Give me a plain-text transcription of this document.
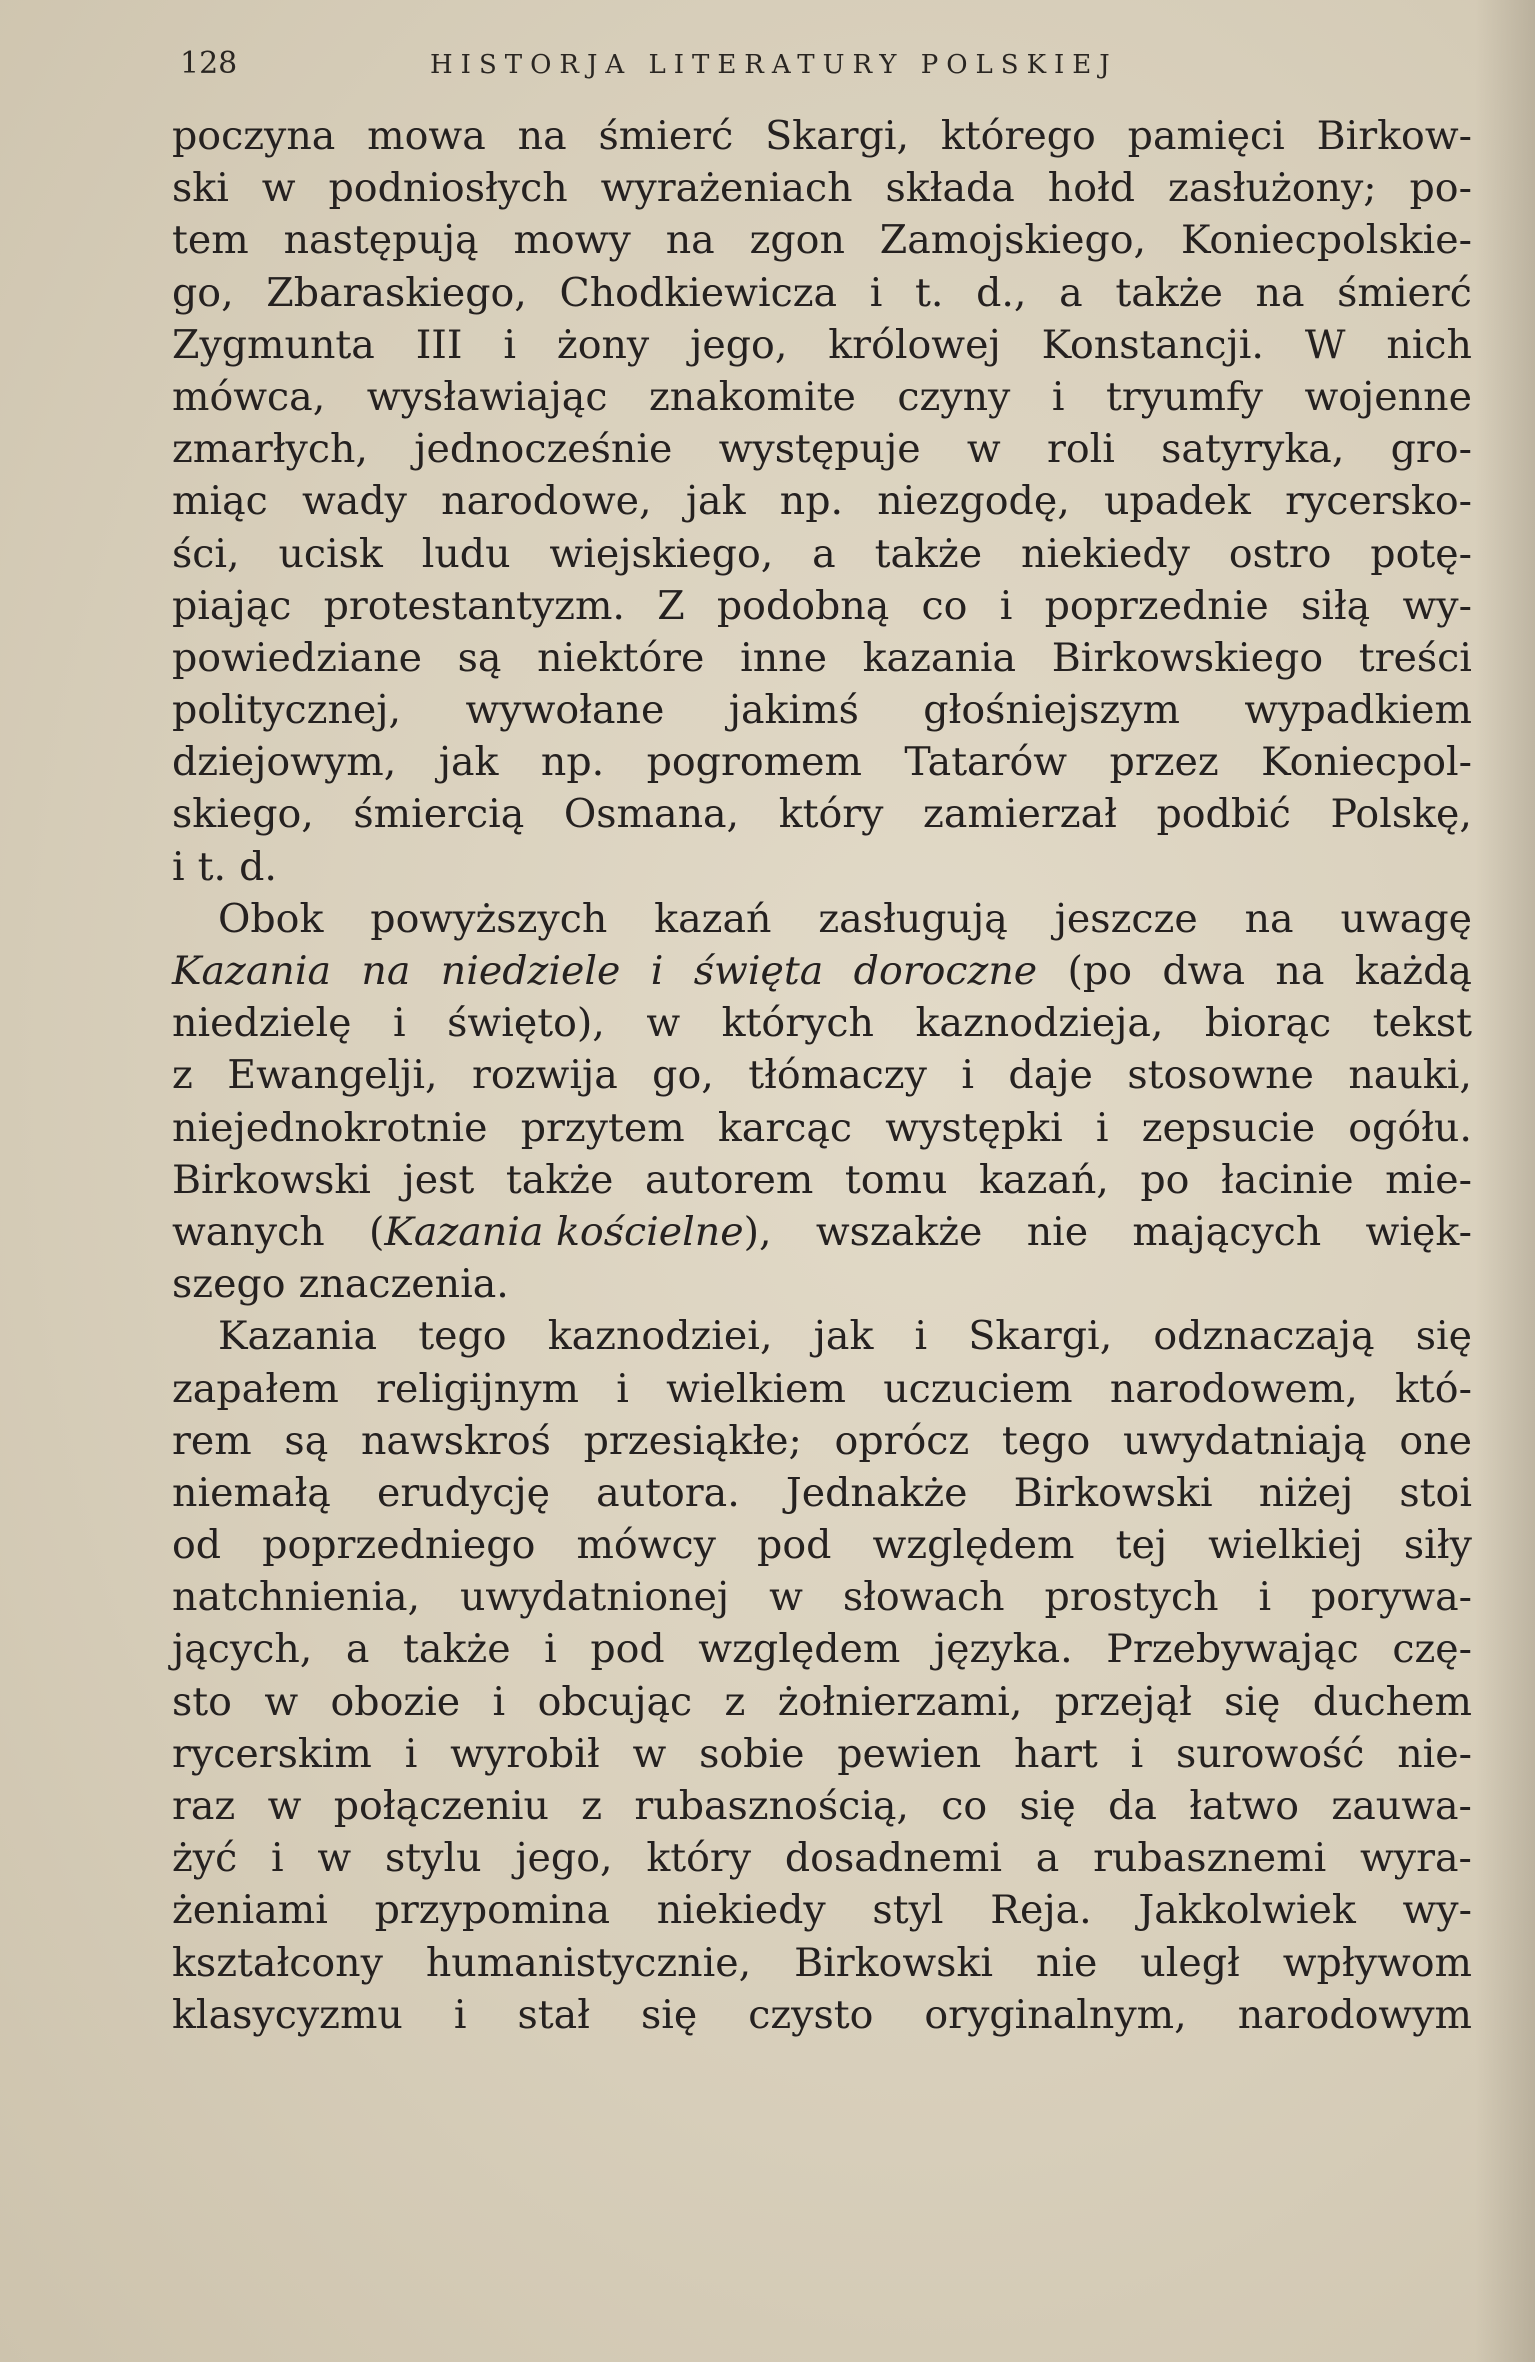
128	HISTORJA LITERATURY POLSKIEJ
poczyna mowa na śmierć Skargi, którego pamięci Birkow-
ski w podniosłych wyrażeniach składa hołd zasłużony; po-
tem następują mowy na zgon Zamojskiego, Koniecpolskie-
go, Zbaraskiego, Chodkiewicza i t. d., a także na śmierć
Zygmunta III i żony jego, królowej Konstancji. W nich
mówca, wysławiając znakomite czyny i tryumfy wojenne
zmarłych, jednocześnie występuje w roli satyryka, gro-
miąc wady narodowe, jak np. niezgodę, upadek rycersko-
ści, ucisk ludu wiejskiego, a także niekiedy ostro potę-
piając protestantyzm. Z podobną co i poprzednie siłą wy-
powiedziane są niektóre inne kazania Birkowskiego treści
politycznej, wywołane jakimś głośniejszym wypadkiem
dziejowym, jak np. pogromem Tatarów przez Koniecpol-
skiego, śmiercią Osmana, który zamierzał podbić Polskę,
i t. d.
Obok powyższych kazań zasługują jeszcze na uwagę
Kazania na niedziele i święta doroczne (po dwa na każdą
niedzielę i święto), w których kaznodzieja, biorąc tekst
z Ewangelji, rozwija go, tłómaczy i daje stosowne nauki,
niejednokrotnie przytem karcąc występki i zepsucie ogółu.
Birkowski jest także autorem tomu kazań, po łacinie mie-
wanych (Kazania kościelne), wszakże nie mających więk-
szego znaczenia.
Kazania tego kaznodziei, jak i Skargi, odznaczają się
zapałem religijnym i wielkiem uczuciem narodowem, któ-
rem są nawskroś przesiąkłe; oprócz tego uwydatniają one
niemałą erudycję autora. Jednakże Birkowski niżej stoi
od poprzedniego mówcy pod względem tej wielkiej siły
natchnienia, uwydatnionej w słowach prostych i porywa-
jących, a także i pod względem języka. Przebywając czę-
sto w obozie i obcując z żołnierzami, przejął się duchem
rycerskim i wyrobił w sobie pewien hart i surowość nie-
raz w połączeniu z rubasznością, co się da łatwo zauwa-
żyć i w stylu jego, który dosadnemi a rubasznemi wyra-
żeniami przypomina niekiedy styl Reja. Jakkolwiek wy-
kształcony humanistycznie, Birkowski nie uległ wpływom
klasycyzmu i stał się czysto oryginalnym, narodowym
